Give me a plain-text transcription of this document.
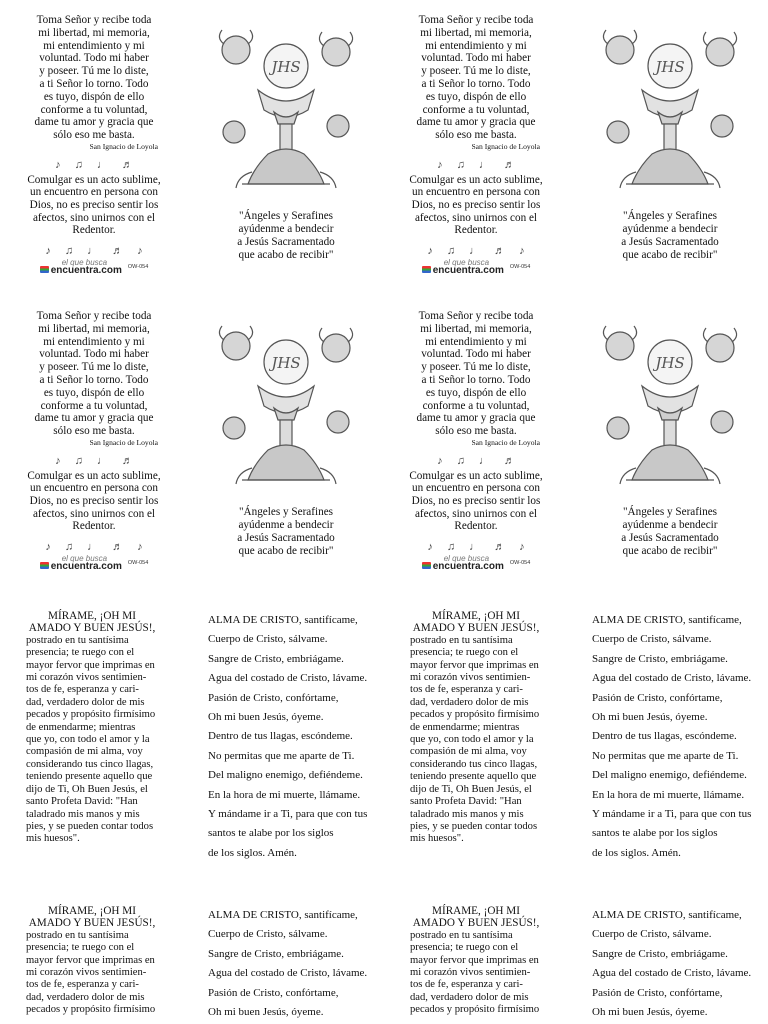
Toma Señor y recibe toda
mi libertad, mi memoria,
mi entendimiento y mi
voluntad. Todo mi haber
y poseer. Tú me lo diste,
a ti Señor lo torno. Todo
es tuyo, dispón de ello
conforme a tu voluntad,
dame tu amor y gracia que
sólo eso me basta.
San Ignacio de Loyola
♪ ♫ ♩ ♬
Comulgar es un acto sublime,
un encuentro en persona con
Dios, no es preciso sentir los
afectos, sino unirnos con el
Redentor.
♪ ♫ ♩ ♬ ♪
el que busca
encuentra.com OW-054
JHS
"Ángeles y Serafines
ayúdenme a bendecir
a Jesús Sacramentado
que acabo de recibir"
Toma Señor y recibe toda
mi libertad, mi memoria,
mi entendimiento y mi
voluntad. Todo mi haber
y poseer. Tú me lo diste,
a ti Señor lo torno. Todo
es tuyo, dispón de ello
conforme a tu voluntad,
dame tu amor y gracia que
sólo eso me basta.
San Ignacio de Loyola
♪ ♫ ♩ ♬
Comulgar es un acto sublime,
un encuentro en persona con
Dios, no es preciso sentir los
afectos, sino unirnos con el
Redentor.
♪ ♫ ♩ ♬ ♪
el que busca
encuentra.com OW-054
JHS
"Ángeles y Serafines
ayúdenme a bendecir
a Jesús Sacramentado
que acabo de recibir"
Toma Señor y recibe toda
mi libertad, mi memoria,
mi entendimiento y mi
voluntad. Todo mi haber
y poseer. Tú me lo diste,
a ti Señor lo torno. Todo
es tuyo, dispón de ello
conforme a tu voluntad,
dame tu amor y gracia que
sólo eso me basta.
San Ignacio de Loyola
♪ ♫ ♩ ♬
Comulgar es un acto sublime,
un encuentro en persona con
Dios, no es preciso sentir los
afectos, sino unirnos con el
Redentor.
♪ ♫ ♩ ♬ ♪
el que busca
encuentra.com OW-054
JHS
"Ángeles y Serafines
ayúdenme a bendecir
a Jesús Sacramentado
que acabo de recibir"
Toma Señor y recibe toda
mi libertad, mi memoria,
mi entendimiento y mi
voluntad. Todo mi haber
y poseer. Tú me lo diste,
a ti Señor lo torno. Todo
es tuyo, dispón de ello
conforme a tu voluntad,
dame tu amor y gracia que
sólo eso me basta.
San Ignacio de Loyola
♪ ♫ ♩ ♬
Comulgar es un acto sublime,
un encuentro en persona con
Dios, no es preciso sentir los
afectos, sino unirnos con el
Redentor.
♪ ♫ ♩ ♬ ♪
el que busca
encuentra.com OW-054
JHS
"Ángeles y Serafines
ayúdenme a bendecir
a Jesús Sacramentado
que acabo de recibir"
MÍRAME, ¡OH MI
AMADO Y BUEN JESÚS!,
postrado en tu santísima
presencia; te ruego con el
mayor fervor que imprimas en
mi corazón vivos sentimien-
tos de fe, esperanza y cari-
dad, verdadero dolor de mis
pecados y propósito firmísimo
de enmendarme; mientras
que yo, con todo el amor y la
compasión de mi alma, voy
considerando tus cinco llagas,
teniendo presente aquello que
dijo de Ti, Oh Buen Jesús, el
santo Profeta David: "Han
taladrado mis manos y mis
pies, y se pueden contar todos
mis huesos".

ALMA DE CRISTO, santifícame,

Cuerpo de Cristo, sálvame.

Sangre de Cristo, embriágame.

Agua del costado de Cristo, lávame.

Pasión de Cristo, confórtame,

Oh mi buen Jesús, óyeme.

Dentro de tus llagas, escóndeme.

No permitas que me aparte de Ti.

Del maligno enemigo, defiéndeme.

En la hora de mi muerte, llámame.

Y mándame ir a Ti, para que con tus

santos te alabe por los siglos

de los siglos. Amén.

MÍRAME, ¡OH MI
AMADO Y BUEN JESÚS!,
postrado en tu santísima
presencia; te ruego con el
mayor fervor que imprimas en
mi corazón vivos sentimien-
tos de fe, esperanza y cari-
dad, verdadero dolor de mis
pecados y propósito firmísimo
de enmendarme; mientras
que yo, con todo el amor y la
compasión de mi alma, voy
considerando tus cinco llagas,
teniendo presente aquello que
dijo de Ti, Oh Buen Jesús, el
santo Profeta David: "Han
taladrado mis manos y mis
pies, y se pueden contar todos
mis huesos".

ALMA DE CRISTO, santifícame,

Cuerpo de Cristo, sálvame.

Sangre de Cristo, embriágame.

Agua del costado de Cristo, lávame.

Pasión de Cristo, confórtame,

Oh mi buen Jesús, óyeme.

Dentro de tus llagas, escóndeme.

No permitas que me aparte de Ti.

Del maligno enemigo, defiéndeme.

En la hora de mi muerte, llámame.

Y mándame ir a Ti, para que con tus

santos te alabe por los siglos

de los siglos. Amén.

MÍRAME, ¡OH MI
AMADO Y BUEN JESÚS!,
postrado en tu santísima
presencia; te ruego con el
mayor fervor que imprimas en
mi corazón vivos sentimien-
tos de fe, esperanza y cari-
dad, verdadero dolor de mis
pecados y propósito firmísimo

ALMA DE CRISTO, santifícame,

Cuerpo de Cristo, sálvame.

Sangre de Cristo, embriágame.

Agua del costado de Cristo, lávame.

Pasión de Cristo, confórtame,

Oh mi buen Jesús, óyeme.

MÍRAME, ¡OH MI
AMADO Y BUEN JESÚS!,
postrado en tu santísima
presencia; te ruego con el
mayor fervor que imprimas en
mi corazón vivos sentimien-
tos de fe, esperanza y cari-
dad, verdadero dolor de mis
pecados y propósito firmísimo

ALMA DE CRISTO, santifícame,

Cuerpo de Cristo, sálvame.

Sangre de Cristo, embriágame.

Agua del costado de Cristo, lávame.

Pasión de Cristo, confórtame,

Oh mi buen Jesús, óyeme.
